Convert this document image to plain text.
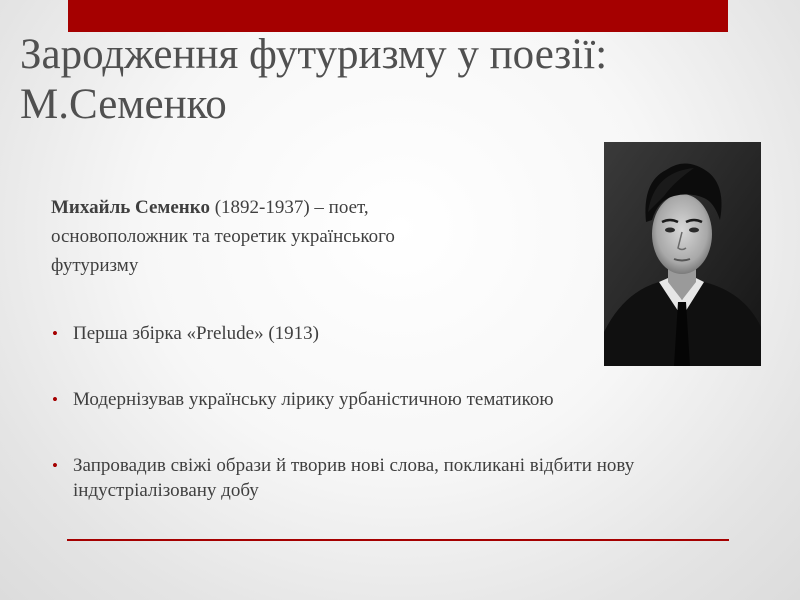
Зародження футуризму у поезії:
М.Семенко
Михайль Семенко (1892-1937) – поет,
основоположник та теоретик українського
футуризму
• Перша збірка «Prelude» (1913)
• Модернізував українську лірику урбаністичною тематикою
• Запровадив свіжі образи й творив нові слова, покликані відбити нову індустріалізовану добу
